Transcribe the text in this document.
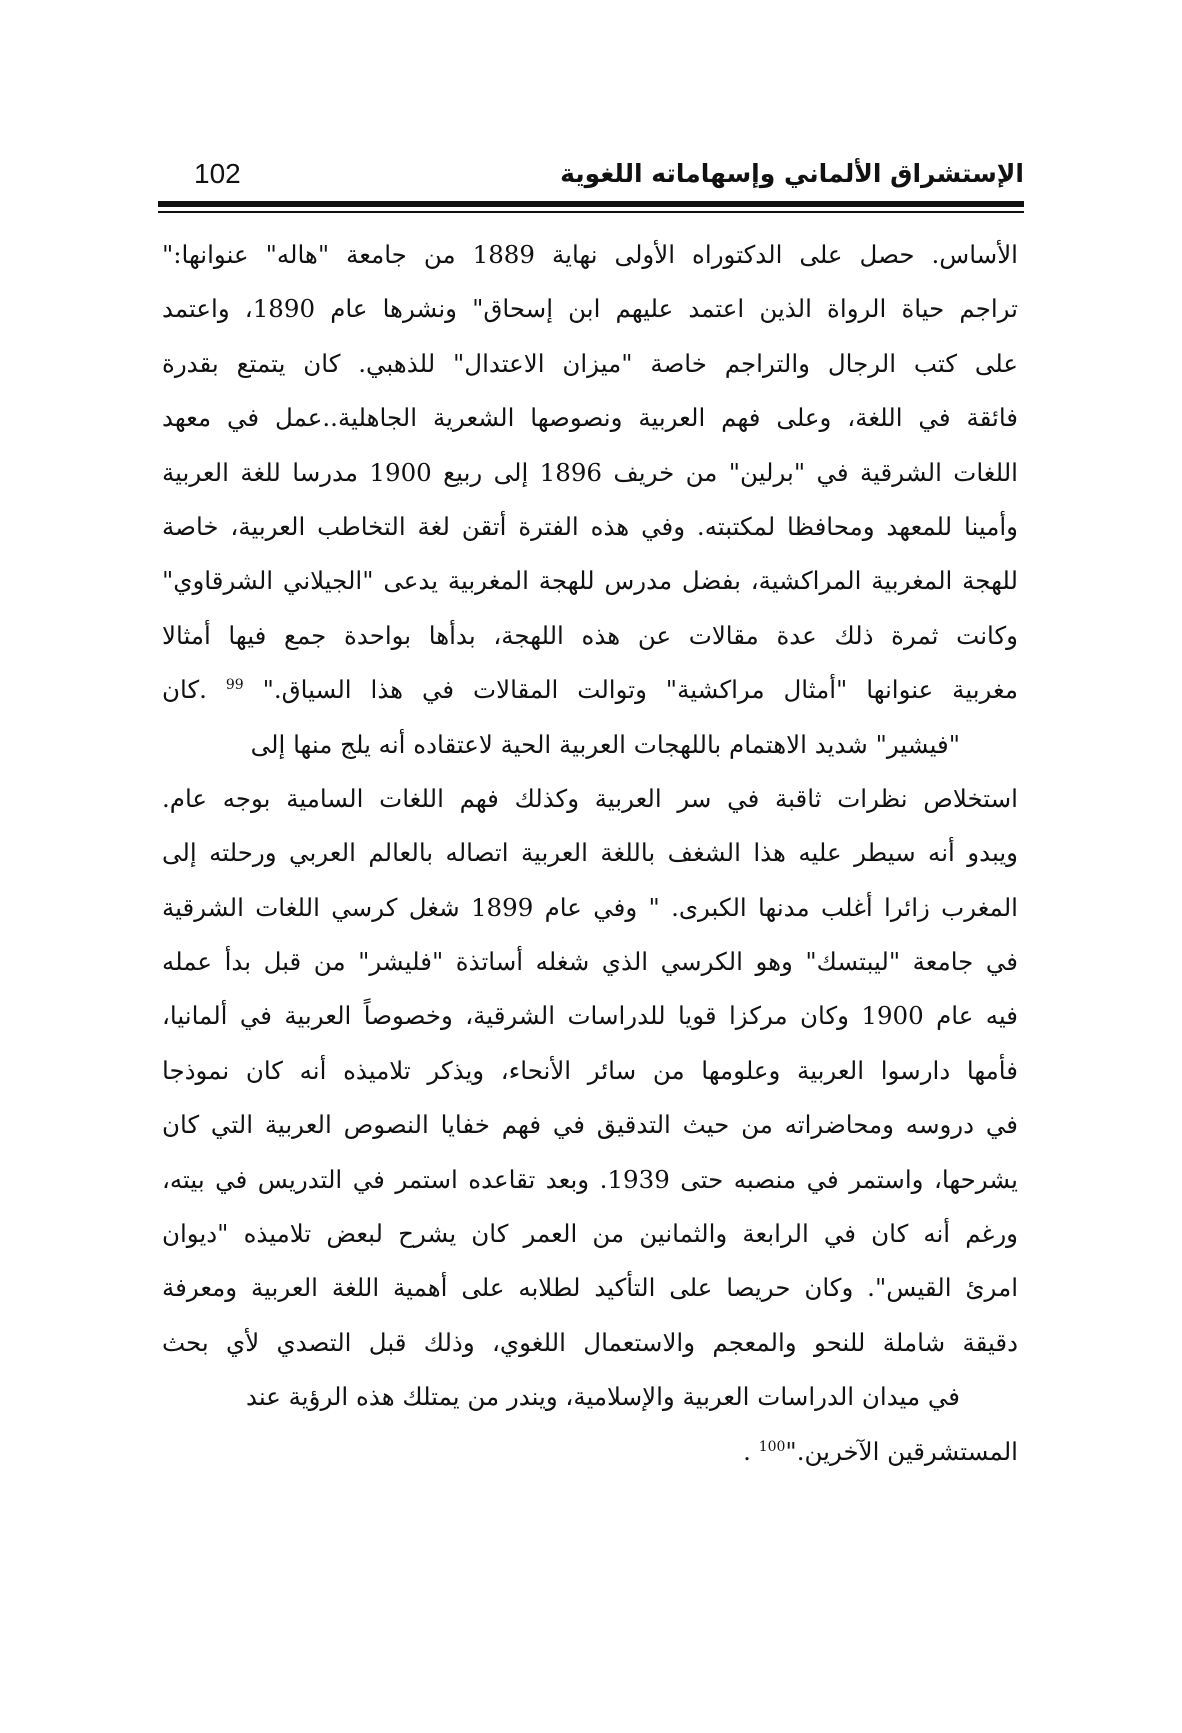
الإستشراق الألماني وإسهاماته اللغوية
102
الأساس. حصل على الدكتوراه الأولى نهاية 1889 من جامعة "هاله" عنوانها:"
تراجم حياة الرواة الذين اعتمد عليهم ابن إسحاق" ونشرها عام 1890، واعتمد
على كتب الرجال والتراجم خاصة "ميزان الاعتدال" للذهبي. كان يتمتع بقدرة
فائقة في اللغة، وعلى فهم العربية ونصوصها الشعرية الجاهلية..عمل في معهد
اللغات الشرقية في "برلين" من خريف 1896 إلى ربيع 1900 مدرسا للغة العربية
وأمينا للمعهد ومحافظا لمكتبته. وفي هذه الفترة أتقن لغة التخاطب العربية، خاصة
للهجة المغربية المراكشية، بفضل مدرس للهجة المغربية يدعى "الجيلاني الشرقاوي"
وكانت ثمرة ذلك عدة مقالات عن هذه اللهجة، بدأها بواحدة جمع فيها أمثالا
مغربية عنوانها "أمثال مراكشية" وتوالت المقالات في هذا السياق." $^{99}$ .كان
"فيشير" شديد الاهتمام باللهجات العربية الحية لاعتقاده أنه يلج منها إلى
استخلاص نظرات ثاقبة في سر العربية وكذلك فهم اللغات السامية بوجه عام.
ويبدو أنه سيطر عليه هذا الشغف باللغة العربية اتصاله بالعالم العربي ورحلته إلى
المغرب زائرا أغلب مدنها الكبرى. " وفي عام 1899 شغل كرسي اللغات الشرقية
في جامعة "ليبتسك" وهو الكرسي الذي شغله أساتذة "فليشر" من قبل بدأ عمله
فيه عام 1900 وكان مركزا قويا للدراسات الشرقية، وخصوصاً العربية في ألمانيا،
فأمها دارسوا العربية وعلومها من سائر الأنحاء، ويذكر تلاميذه أنه كان نموذجا
في دروسه ومحاضراته من حيث التدقيق في فهم خفايا النصوص العربية التي كان
يشرحها، واستمر في منصبه حتى 1939. وبعد تقاعده استمر في التدريس في بيته،
ورغم أنه كان في الرابعة والثمانين من العمر كان يشرح لبعض تلاميذه "ديوان
امرئ القيس". وكان حريصا على التأكيد لطلابه على أهمية اللغة العربية ومعرفة
دقيقة شاملة للنحو والمعجم والاستعمال اللغوي، وذلك قبل التصدي لأي بحث
في ميدان الدراسات العربية والإسلامية، ويندر من يمتلك هذه الرؤية عند
المستشرقين الآخرين."$^{100}$ .
